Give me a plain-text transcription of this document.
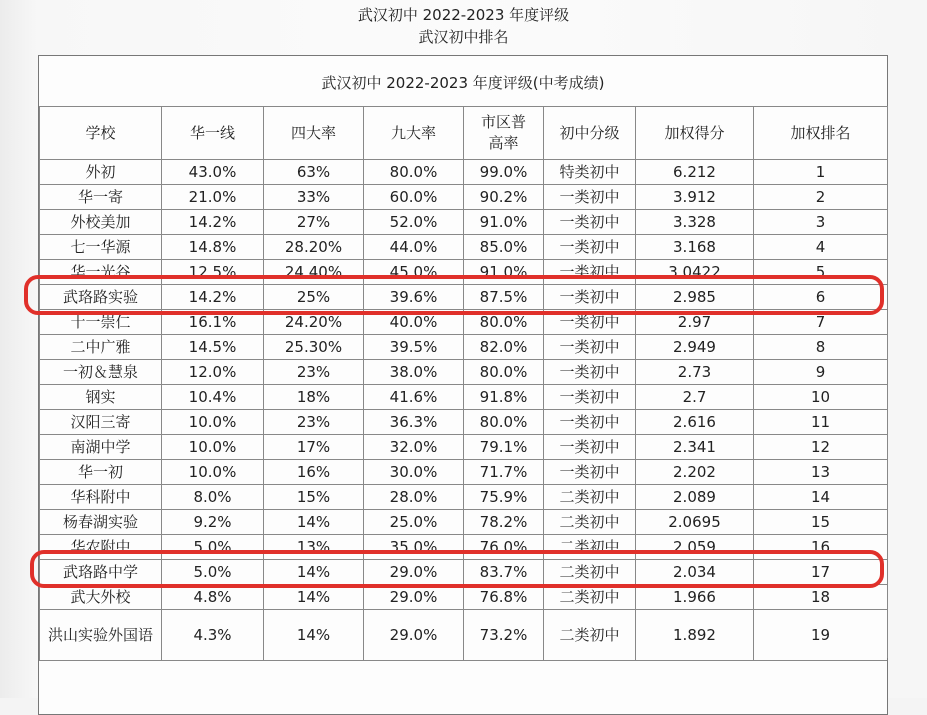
武汉初中 2022-2023 年度评级
武汉初中排名
武汉初中 2022-2023 年度评级(中考成绩)
学校	华一线	四大率	九大率	市区普高率	初中分级	加权得分	加权排名
外初	43.0%	63%	80.0%	99.0%	特类初中	6.212	1
华一寄	21.0%	33%	60.0%	90.2%	一类初中	3.912	2
外校美加	14.2%	27%	52.0%	91.0%	一类初中	3.328	3
七一华源	14.8%	28.20%	44.0%	85.0%	一类初中	3.168	4
华一光谷	12.5%	24.40%	45.0%	91.0%	一类初中	3.0422	5
武珞路实验	14.2%	25%	39.6%	87.5%	一类初中	2.985	6
十一崇仁	16.1%	24.20%	40.0%	80.0%	一类初中	2.97	7
二中广雅	14.5%	25.30%	39.5%	82.0%	一类初中	2.949	8
一初＆慧泉	12.0%	23%	38.0%	80.0%	一类初中	2.73	9
钢实	10.4%	18%	41.6%	91.8%	一类初中	2.7	10
汉阳三寄	10.0%	23%	36.3%	80.0%	一类初中	2.616	11
南湖中学	10.0%	17%	32.0%	79.1%	一类初中	2.341	12
华一初	10.0%	16%	30.0%	71.7%	一类初中	2.202	13
华科附中	8.0%	15%	28.0%	75.9%	二类初中	2.089	14
杨春湖实验	9.2%	14%	25.0%	78.2%	二类初中	2.0695	15
华农附中	5.0%	13%	35.0%	76.0%	二类初中	2.059	16
武珞路中学	5.0%	14%	29.0%	83.7%	二类初中	2.034	17
武大外校	4.8%	14%	29.0%	76.8%	二类初中	1.966	18
洪山实验外国语	4.3%	14%	29.0%	73.2%	二类初中	1.892	19
